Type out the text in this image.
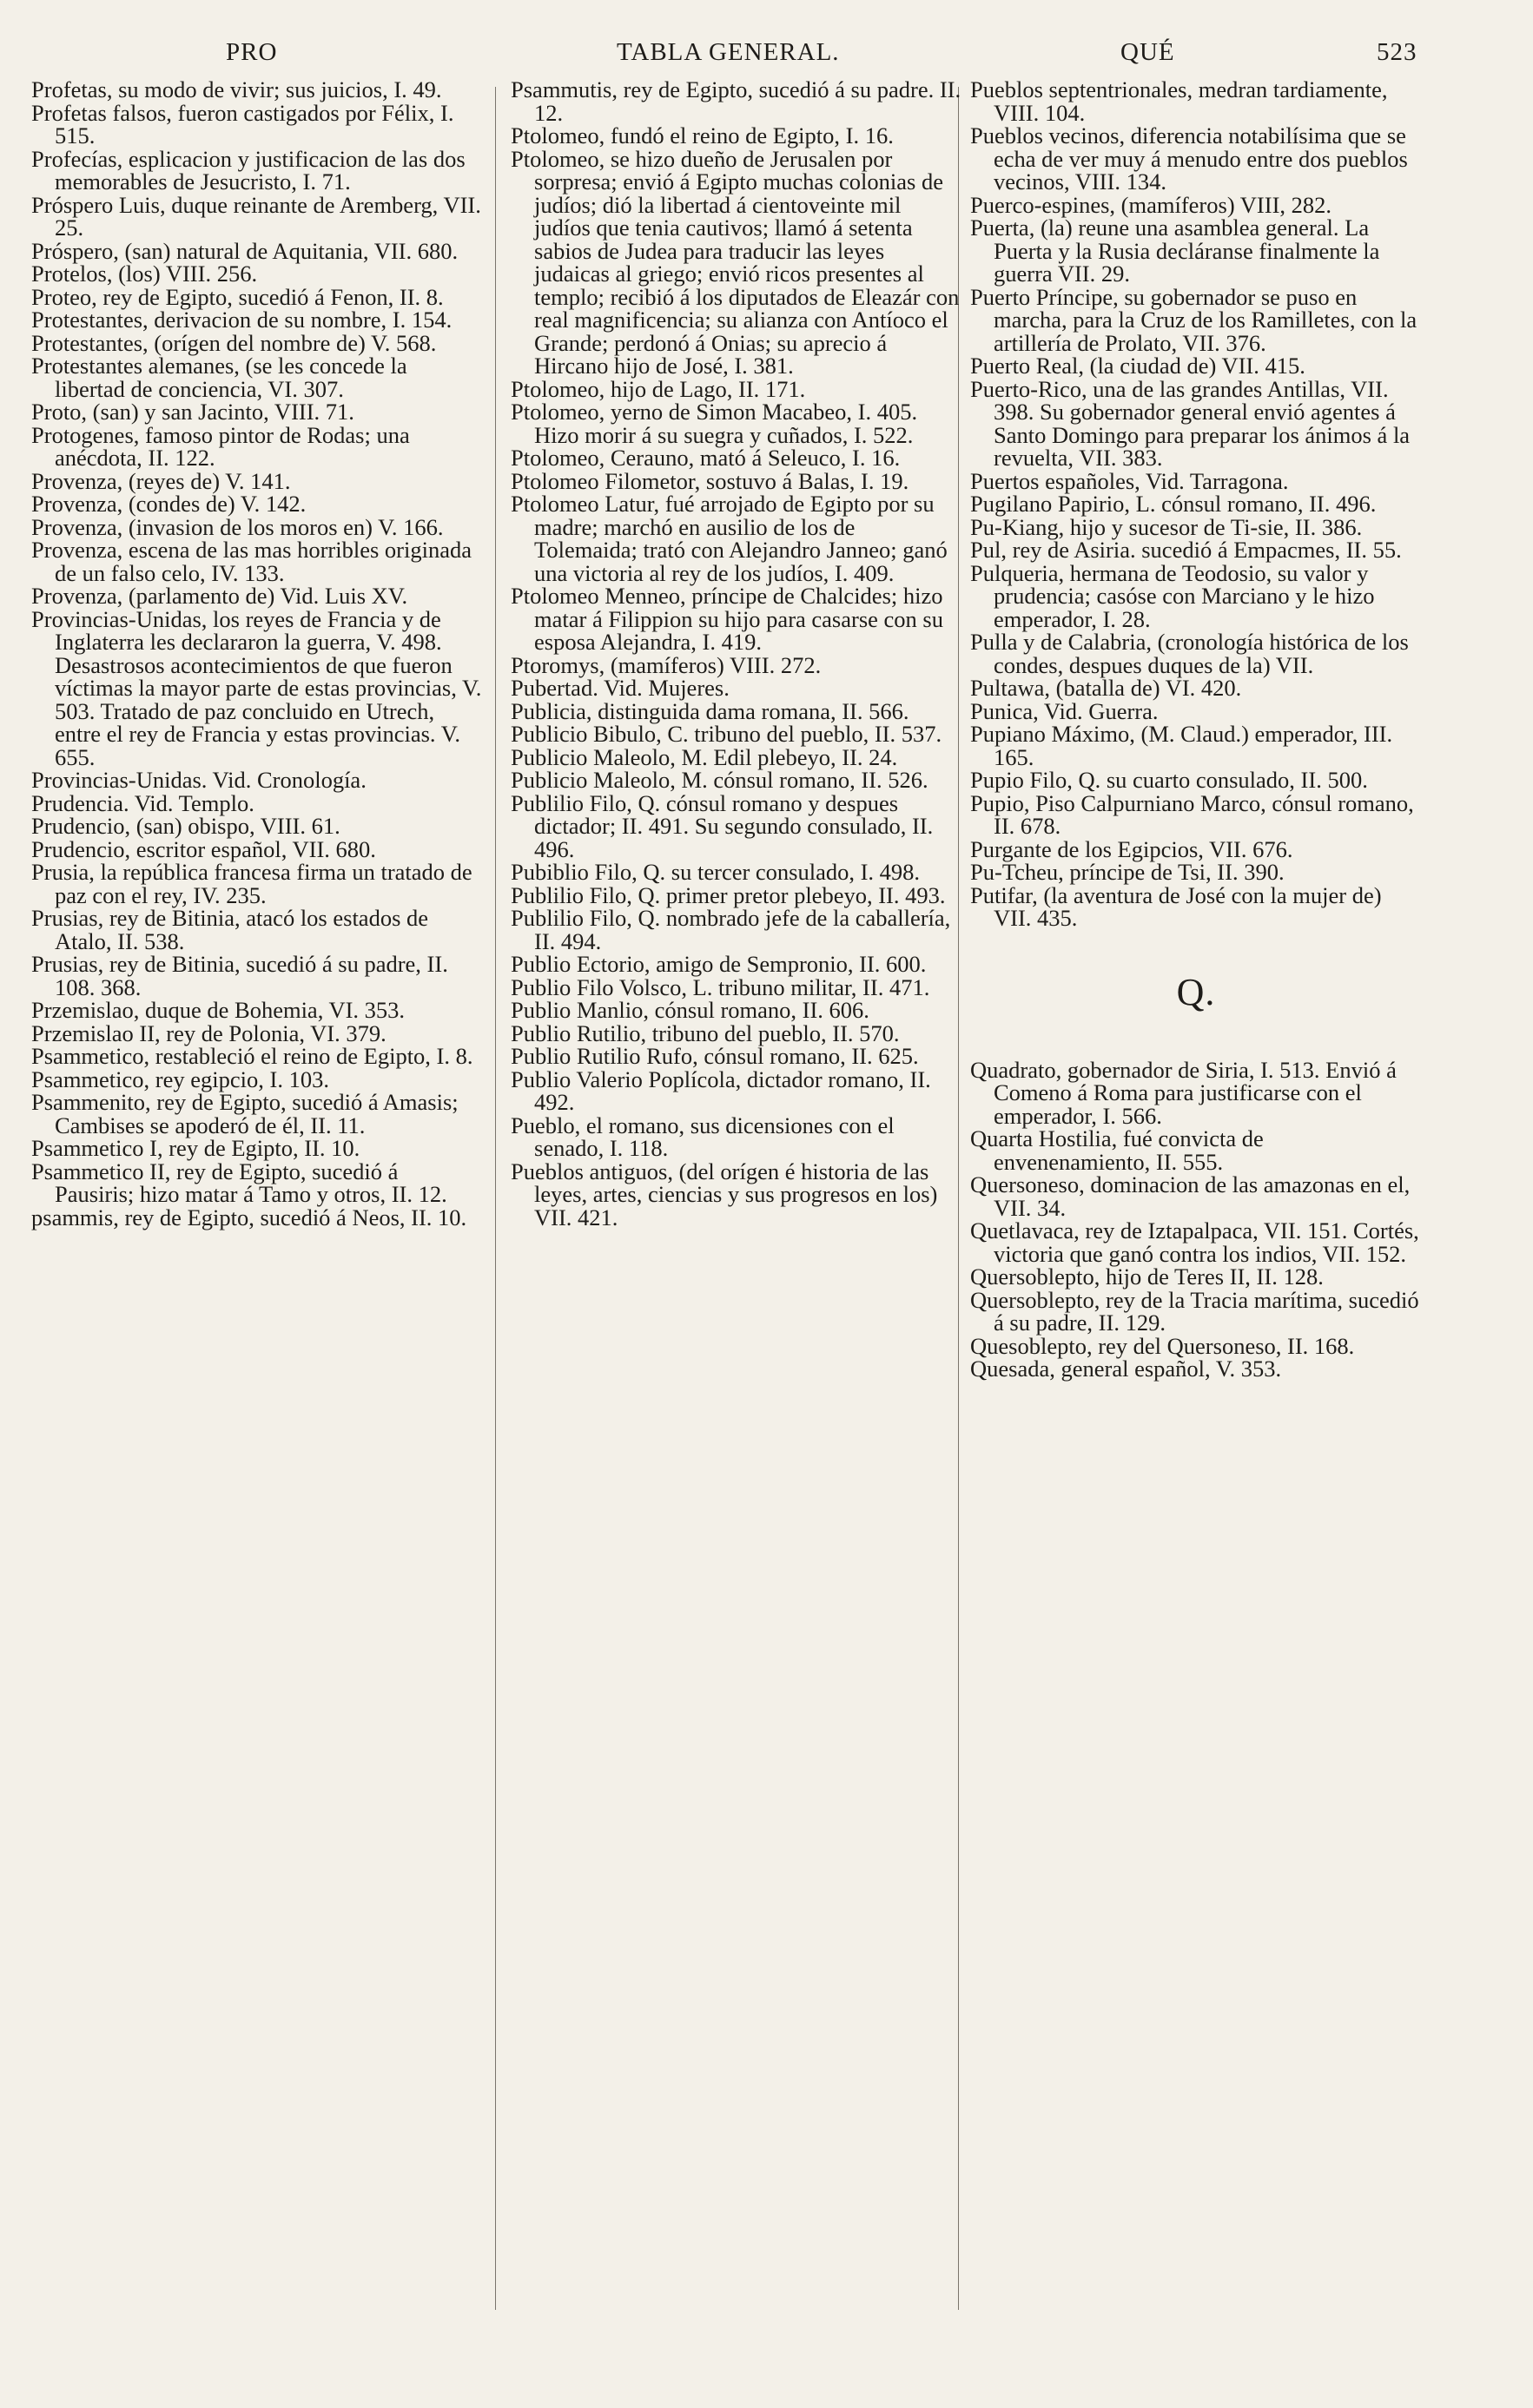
PRO	TABLA GENERAL.	QUÉ	523

Profetas, su modo de vivir; sus juicios, I. 49.

Profetas falsos, fueron castigados por Félix, I. 515.

Profecías, esplicacion y justificacion de las dos memorables de Jesucristo, I. 71.

Próspero Luis, duque reinante de Aremberg, VII. 25.

Próspero, (san) natural de Aquitania, VII. 680.

Protelos, (los) VIII. 256.

Proteo, rey de Egipto, sucedió á Fenon, II. 8.

Protestantes, derivacion de su nombre, I. 154.

Protestantes, (orígen del nombre de) V. 568.

Protestantes alemanes, (se les concede la libertad de conciencia, VI. 307.

Proto, (san) y san Jacinto, VIII. 71.

Protogenes, famoso pintor de Rodas; una anécdota, II. 122.

Provenza, (reyes de) V. 141.

Provenza, (condes de) V. 142.

Provenza, (invasion de los moros en) V. 166.

Provenza, escena de las mas horribles originada de un falso celo, IV. 133.

Provenza, (parlamento de) Vid. Luis XV.

Provincias-Unidas, los reyes de Francia y de Inglaterra les declararon la guerra, V. 498. Desastrosos acontecimientos de que fueron víctimas la mayor parte de estas provincias, V. 503. Tratado de paz concluido en Utrech, entre el rey de Francia y estas provincias. V. 655.

Provincias-Unidas. Vid. Cronología.

Prudencia. Vid. Templo.

Prudencio, (san) obispo, VIII. 61.

Prudencio, escritor español, VII. 680.

Prusia, la república francesa firma un tratado de paz con el rey, IV. 235.

Prusias, rey de Bitinia, atacó los estados de Atalo, II. 538.

Prusias, rey de Bitinia, sucedió á su padre, II. 108. 368.

Przemislao, duque de Bohemia, VI. 353.

Przemislao II, rey de Polonia, VI. 379.

Psammetico, restableció el reino de Egipto, I. 8.

Psammetico, rey egipcio, I. 103.

Psammenito, rey de Egipto, sucedió á Amasis; Cambises se apoderó de él, II. 11.

Psammetico I, rey de Egipto, II. 10.

Psammetico II, rey de Egipto, sucedió á Pausiris; hizo matar á Tamo y otros, II. 12.

psammis, rey de Egipto, sucedió á Neos, II. 10.

Psammutis, rey de Egipto, sucedió á su padre. II. 12.

Ptolomeo, fundó el reino de Egipto, I. 16.

Ptolomeo, se hizo dueño de Jerusalen por sorpresa; envió á Egipto muchas colonias de judíos; dió la libertad á cientoveinte mil judíos que tenia cautivos; llamó á setenta sabios de Judea para traducir las leyes judaicas al griego; envió ricos presentes al templo; recibió á los diputados de Eleazár con real magnificencia; su alianza con Antíoco el Grande; perdonó á Onias; su aprecio á Hircano hijo de José, I. 381.

Ptolomeo, hijo de Lago, II. 171.

Ptolomeo, yerno de Simon Macabeo, I. 405. Hizo morir á su suegra y cuñados, I. 522.

Ptolomeo, Cerauno, mató á Seleuco, I. 16.

Ptolomeo Filometor, sostuvo á Balas, I. 19.

Ptolomeo Latur, fué arrojado de Egipto por su madre; marchó en ausilio de los de Tolemaida; trató con Alejandro Janneo; ganó una victoria al rey de los judíos, I. 409.

Ptolomeo Menneo, príncipe de Chalcides; hizo matar á Filippion su hijo para casarse con su esposa Alejandra, I. 419.

Ptoromys, (mamíferos) VIII. 272.

Pubertad. Vid. Mujeres.

Publicia, distinguida dama romana, II. 566.

Publicio Bibulo, C. tribuno del pueblo, II. 537.

Publicio Maleolo, M. Edil plebeyo, II. 24.

Publicio Maleolo, M. cónsul romano, II. 526.

Publilio Filo, Q. cónsul romano y despues dictador; II. 491. Su segundo consulado, II. 496.

Pubiblio Filo, Q. su tercer consulado, I. 498.

Publilio Filo, Q. primer pretor plebeyo, II. 493.

Publilio Filo, Q. nombrado jefe de la caballería, II. 494.

Publio Ectorio, amigo de Sempronio, II. 600.

Publio Filo Volsco, L. tribuno militar, II. 471.

Publio Manlio, cónsul romano, II. 606.

Publio Rutilio, tribuno del pueblo, II. 570.

Publio Rutilio Rufo, cónsul romano, II. 625.

Publio Valerio Poplícola, dictador romano, II. 492.

Pueblo, el romano, sus dicensiones con el senado, I. 118.

Pueblos antiguos, (del orígen é historia de las leyes, artes, ciencias y sus progresos en los) VII. 421.

Pueblos septentrionales, medran tardiamente, VIII. 104.

Pueblos vecinos, diferencia notabilísima que se echa de ver muy á menudo entre dos pueblos vecinos, VIII. 134.

Puerco-espines, (mamíferos) VIII, 282.

Puerta, (la) reune una asamblea general. La Puerta y la Rusia decláranse finalmente la guerra VII. 29.

Puerto Príncipe, su gobernador se puso en marcha, para la Cruz de los Ramilletes, con la artillería de Prolato, VII. 376.

Puerto Real, (la ciudad de) VII. 415.

Puerto-Rico, una de las grandes Antillas, VII. 398. Su gobernador general envió agentes á Santo Domingo para preparar los ánimos á la revuelta, VII. 383.

Puertos españoles, Vid. Tarragona.

Pugilano Papirio, L. cónsul romano, II. 496.

Pu-Kiang, hijo y sucesor de Ti-sie, II. 386.

Pul, rey de Asiria. sucedió á Empacmes, II. 55.

Pulqueria, hermana de Teodosio, su valor y prudencia; casóse con Marciano y le hizo emperador, I. 28.

Pulla y de Calabria, (cronología histórica de los condes, despues duques de la) VII.

Pultawa, (batalla de) VI. 420.

Punica, Vid. Guerra.

Pupiano Máximo, (M. Claud.) emperador, III. 165.

Pupio Filo, Q. su cuarto consulado, II. 500.

Pupio, Piso Calpurniano Marco, cónsul romano, II. 678.

Purgante de los Egipcios, VII. 676.

Pu-Tcheu, príncipe de Tsi, II. 390.

Putifar, (la aventura de José con la mujer de) VII. 435.

Q.

Quadrato, gobernador de Siria, I. 513. Envió á Comeno á Roma para justificarse con el emperador, I. 566.

Quarta Hostilia, fué convicta de envenenamiento, II. 555.

Quersoneso, dominacion de las amazonas en el, VII. 34.

Quetlavaca, rey de Iztapalpaca, VII. 151. Cortés, victoria que ganó contra los indios, VII. 152.

Quersoblepto, hijo de Teres II, II. 128.

Quersoblepto, rey de la Tracia marítima, sucedió á su padre, II. 129.

Quesoblepto, rey del Quersoneso, II. 168.

Quesada, general español, V. 353.
